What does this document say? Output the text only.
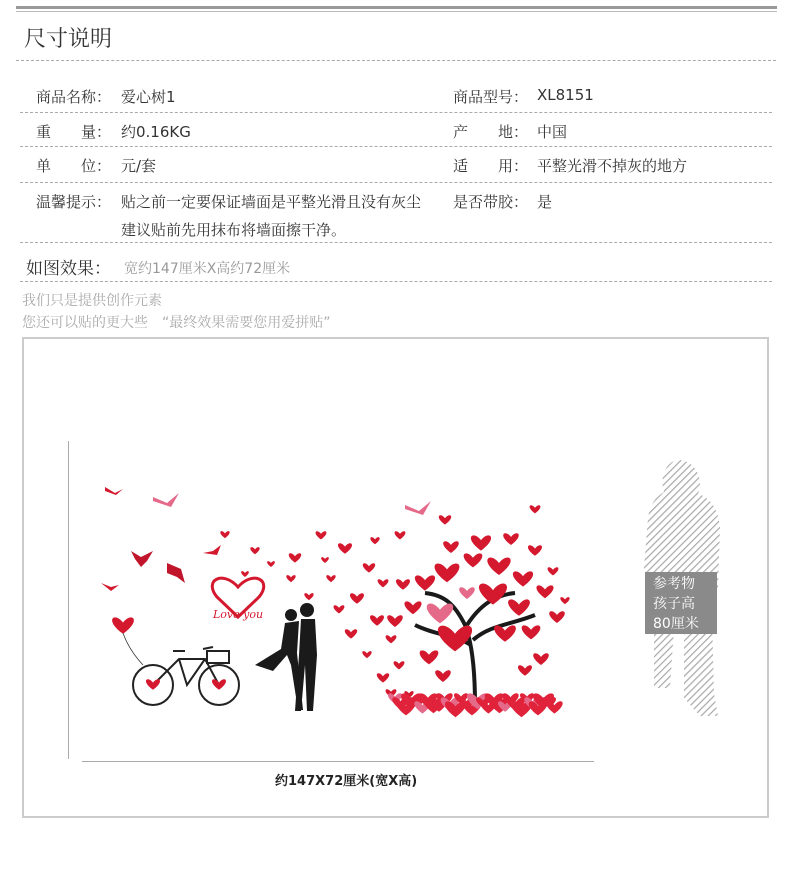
尺寸说明
商品名称： 爱心树1	商品型号： XL8151
重　　量： 约0.16KG	产　　地： 中国
单　　位： 元/套	适　　用： 平整光滑不掉灰的地方
温馨提示： 贴之前一定要保证墙面是平整光滑且没有灰尘
建议贴前先用抹布将墙面擦干净。
是否带胶： 是
如图效果： 宽约147厘米X高约72厘米
我们只是提供创作元素
您还可以贴的更大些　“最终效果需要您用爱拼贴”
约147X72厘米(宽X高)
Love you
参考物
孩子高
80厘米
